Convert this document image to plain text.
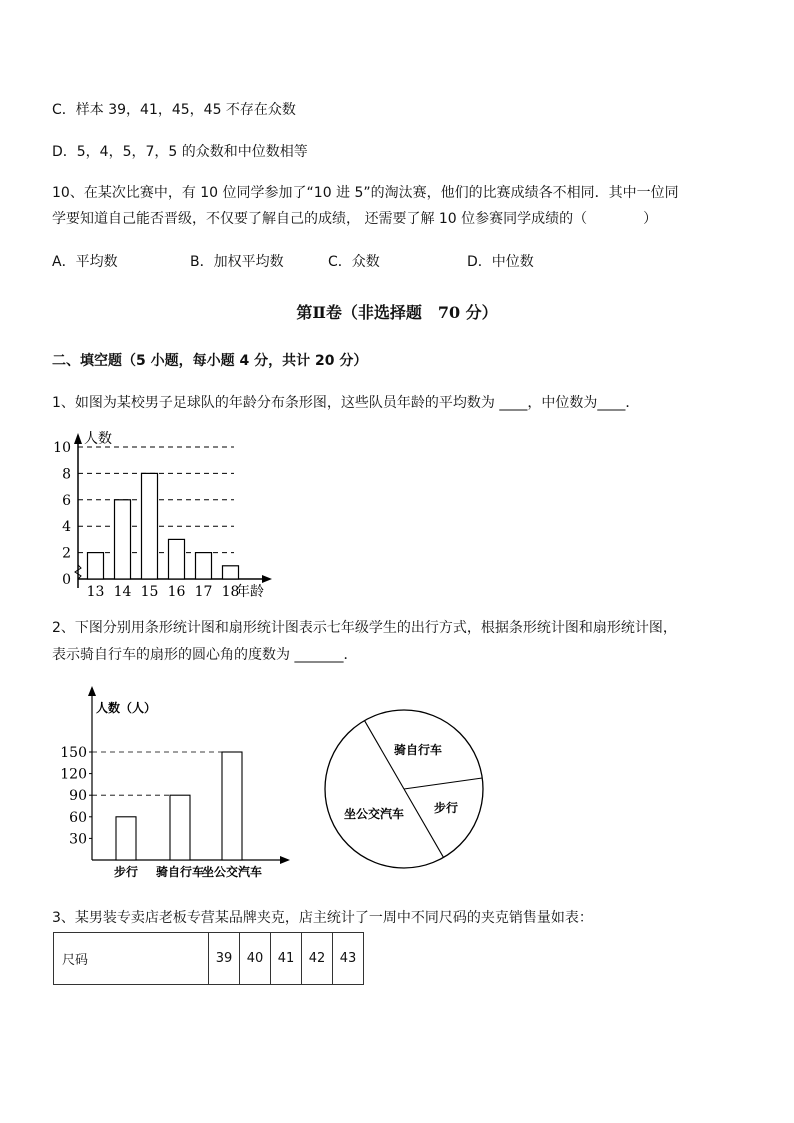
C．样本 39，41，45，45 不存在众数
D．5，4，5，7，5 的众数和中位数相等
10、在某次比赛中，有 10 位同学参加了“10 进 5”的淘汰赛，他们的比赛成绩各不相同．其中一位同
学要知道自己能否晋级，不仅要了解自己的成绩， 还需要了解 10 位参赛同学成绩的（　　　　）
A．平均数	B．加权平均数	C．众数	D．中位数
第Ⅱ卷（非选择题　70 分）
二、填空题（5 小题，每小题 4 分，共计 20 分）
1、如图为某校男子足球队的年龄分布条形图，这些队员年龄的平均数为 ____，中位数为____．
0
2
4
6
8
10
13 14 15 16 17 18
人数
年龄
2、下图分别用条形统计图和扇形统计图表示七年级学生的出行方式，根据条形统计图和扇形统计图，
表示骑自行车的扇形的圆心角的度数为 _______．
30
60
90
120
150
步行 骑自行车
坐公交汽车
人数（人）
骑自行车
步行
坐公交汽车
3、某男装专卖店老板专营某品牌夹克，店主统计了一周中不同尺码的夹克销售量如表：
尺码	39	40	41	42	43
